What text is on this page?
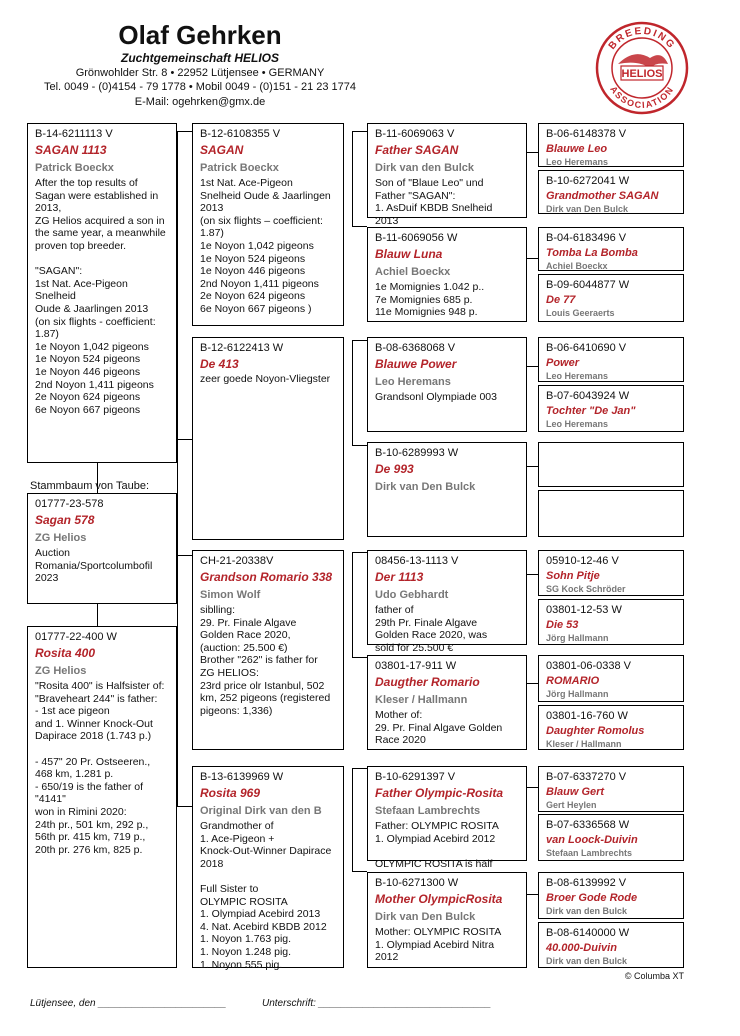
Olaf Gehrken
Zuchtgemeinschaft HELIOS
Grönwohlder Str. 8 • 22952 Lütjensee • GERMANY
Tel. 0049 - (0)4154 - 79 1778 • Mobil 0049 - (0)151 - 21 23 1774
E-Mail: ogehrken@gmx.de
BREEDING
ASSOCIATION
HELIOS
Stammbaum von Taube:
B-14-6211113 V
SAGAN 1113
Patrick Boeckx
After the top results of
Sagan were established in
2013,
ZG Helios acquired a son in
the same year, a meanwhile
proven top breeder.

"SAGAN":
1st Nat. Ace-Pigeon
Snelheid
Oude & Jaarlingen 2013
(on six flights - coefficient:
1.87)
1e Noyon 1,042 pigeons
1e Noyon 524 pigeons
1e Noyon 446 pigeons
2nd Noyon 1,411 pigeons
2e Noyon 624 pigeons
6e Noyon 667 pigeons
01777-23-578
Sagan 578
ZG Helios
Auction
Romania/Sportcolumbofil
2023
01777-22-400 W
Rosita 400
ZG Helios
"Rosita 400" is Halfsister of:
"Braveheart 244" is father:
- 1st ace pigeon
and 1. Winner Knock-Out
Dapirace 2018 (1.743 p.)

- 457" 20 Pr. Ostseeren.,
468 km, 1.281 p.
- 650/19 is the father of
"4141"
won in Rimini 2020:
24th pr., 501 km, 292 p.,
56th pr. 415 km, 719 p.,
20th pr. 276 km, 825 p.
B-12-6108355 V
SAGAN
Patrick Boeckx
1st Nat. Ace-Pigeon
Snelheid Oude & Jaarlingen
2013
(on six flights – coefficient:
1.87)
1e Noyon 1,042 pigeons
1e Noyon 524 pigeons
1e Noyon 446 pigeons
2nd Noyon 1,411 pigeons
2e Noyon 624 pigeons
6e Noyon 667 pigeons )
B-12-6122413 W
De 413
zeer goede Noyon-Vliegster
CH-21-20338V
Grandson Romario 338
Simon Wolf
siblling:
29. Pr. Finale Algave
Golden Race 2020,
(auction: 25.500 €)
Brother "262" is father for
ZG HELIOS:
23rd price olr Istanbul, 502
km, 252 pigeons (registered
pigeons: 1,336)
B-13-6139969 W
Rosita 969
Original Dirk van den B
Grandmother of
1. Ace-Pigeon +
Knock-Out-Winner Dapirace
2018

Full Sister to
OLYMPIC ROSITA
1. Olympiad Acebird 2013
4. Nat. Acebird KBDB 2012
1. Noyon 1.763 pig.
1. Noyon 1.248 pig.
1. Noyon 555 pig.
B-11-6069063 V
Father SAGAN
Dirk van den Bulck
Son of "Blaue Leo" und
Father "SAGAN":
1. AsDuif KBDB Snelheid
2013
B-11-6069056 W
Blauw Luna
Achiel Boeckx
1e Momignies 1.042 p..
7e Momignies 685 p.
11e Momignies 948 p.
B-08-6368068 V
Blauwe Power
Leo Heremans
Grandsonl Olympiade 003
B-10-6289993 W
De 993
Dirk van Den Bulck
08456-13-1113 V
Der 1113
Udo Gebhardt
father of
29th Pr. Finale Algave
Golden Race 2020, was
sold for 25.500 €
03801-17-911 W
Daugther Romario
Kleser / Hallmann
Mother of:
29. Pr. Final Algave Golden
Race 2020
B-10-6291397 V
Father Olympic-Rosita
Stefaan Lambrechts
Father: OLYMPIC ROSITA
1. Olympiad Acebird 2012

OLYMPIC ROSITA is half
B-10-6271300 W
Mother OlympicRosita
Dirk van Den Bulck
Mother: OLYMPIC ROSITA
1. Olympiad Acebird Nitra
2012
B-06-6148378 V
Blauwe Leo
Leo Heremans
B-10-6272041 W
Grandmother SAGAN
Dirk van Den Bulck
B-04-6183496 V
Tomba La Bomba
Achiel Boeckx
B-09-6044877 W
De 77
Louis Geeraerts
B-06-6410690 V
Power
Leo Heremans
B-07-6043924 W
Tochter "De Jan"
Leo Heremans
05910-12-46 V
Sohn Pitje
SG Kock Schröder
03801-12-53 W
Die 53
Jörg Hallmann
03801-06-0338 V
ROMARIO
Jörg Hallmann
03801-16-760 W
Daughter Romolus
Kleser / Hallmann
B-07-6337270 V
Blauw Gert
Gert Heylen
B-07-6336568 W
van Loock-Duivin
Stefaan Lambrechts
B-08-6139992 V
Broer Gode Rode
Dirk van den Bulck
B-08-6140000 W
40.000-Duivin
Dirk van den Bulck
© Columba XT
Lütjensee, den _______________________	Unterschrift: _______________________________
